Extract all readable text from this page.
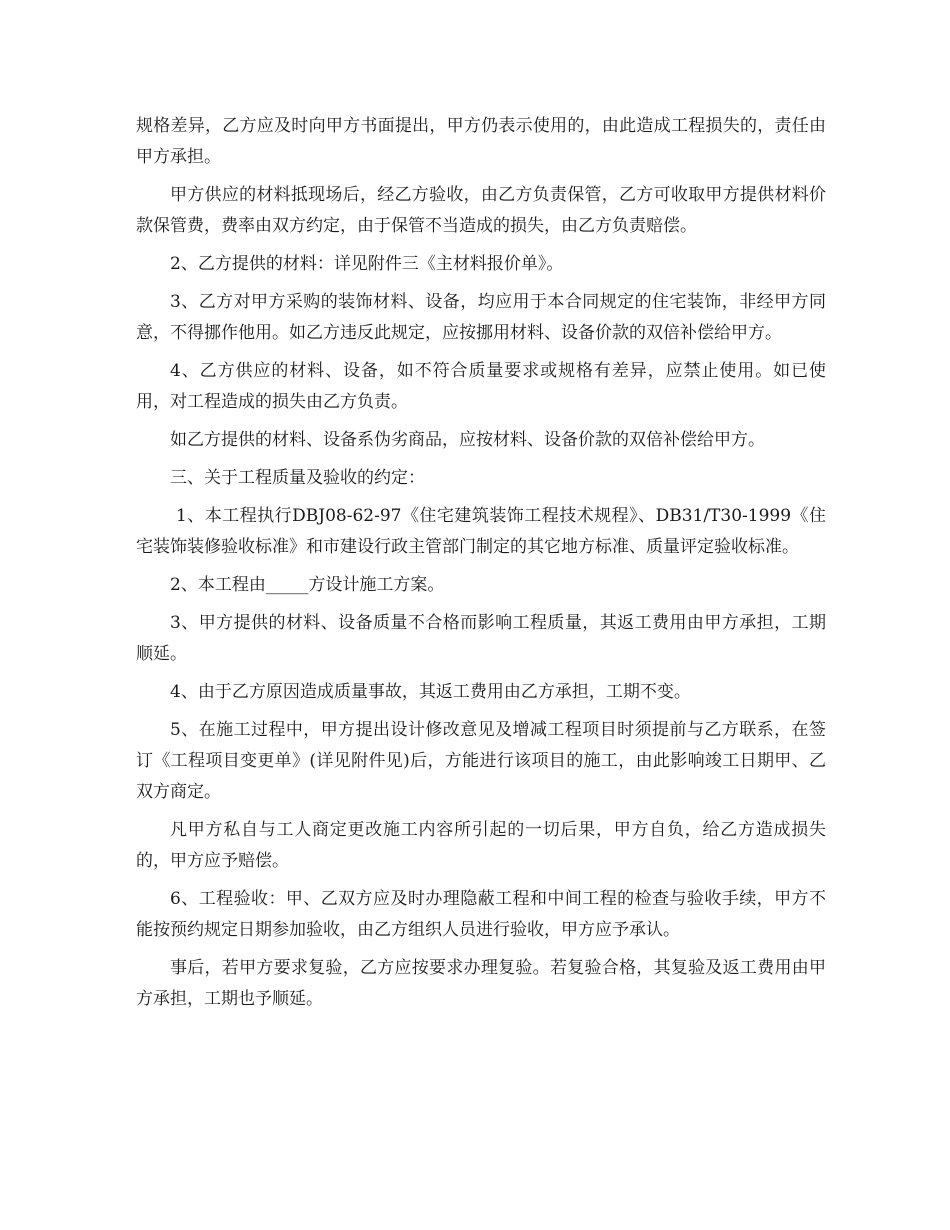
规格差异，乙方应及时向甲方书面提出，甲方仍表示使用的，由此造成工程损失的，责任由甲方承担。

甲方供应的材料抵现场后，经乙方验收，由乙方负责保管，乙方可收取甲方提供材料价款保管费，费率由双方约定，由于保管不当造成的损失，由乙方负责赔偿。

2、乙方提供的材料：详见附件三《主材料报价单》。

3、乙方对甲方采购的装饰材料、设备，均应用于本合同规定的住宅装饰，非经甲方同意，不得挪作他用。如乙方违反此规定，应按挪用材料、设备价款的双倍补偿给甲方。

4、乙方供应的材料、设备，如不符合质量要求或规格有差异，应禁止使用。如已使用，对工程造成的损失由乙方负责。

如乙方提供的材料、设备系伪劣商品，应按材料、设备价款的双倍补偿给甲方。

三、关于工程质量及验收的约定：

1、本工程执行DBJ08-62-97《住宅建筑装饰工程技术规程》、DB31/T30-1999《住宅装饰装修验收标准》和市建设行政主管部门制定的其它地方标准、质量评定验收标准。

2、本工程由_____方设计施工方案。

3、甲方提供的材料、设备质量不合格而影响工程质量，其返工费用由甲方承担，工期顺延。

4、由于乙方原因造成质量事故，其返工费用由乙方承担，工期不变。

5、在施工过程中，甲方提出设计修改意见及增减工程项目时须提前与乙方联系，在签订《工程项目变更单》(详见附件见)后，方能进行该项目的施工，由此影响竣工日期甲、乙双方商定。

凡甲方私自与工人商定更改施工内容所引起的一切后果，甲方自负，给乙方造成损失的，甲方应予赔偿。

6、工程验收：甲、乙双方应及时办理隐蔽工程和中间工程的检查与验收手续，甲方不能按预约规定日期参加验收，由乙方组织人员进行验收，甲方应予承认。

事后，若甲方要求复验，乙方应按要求办理复验。若复验合格，其复验及返工费用由甲方承担，工期也予顺延。
